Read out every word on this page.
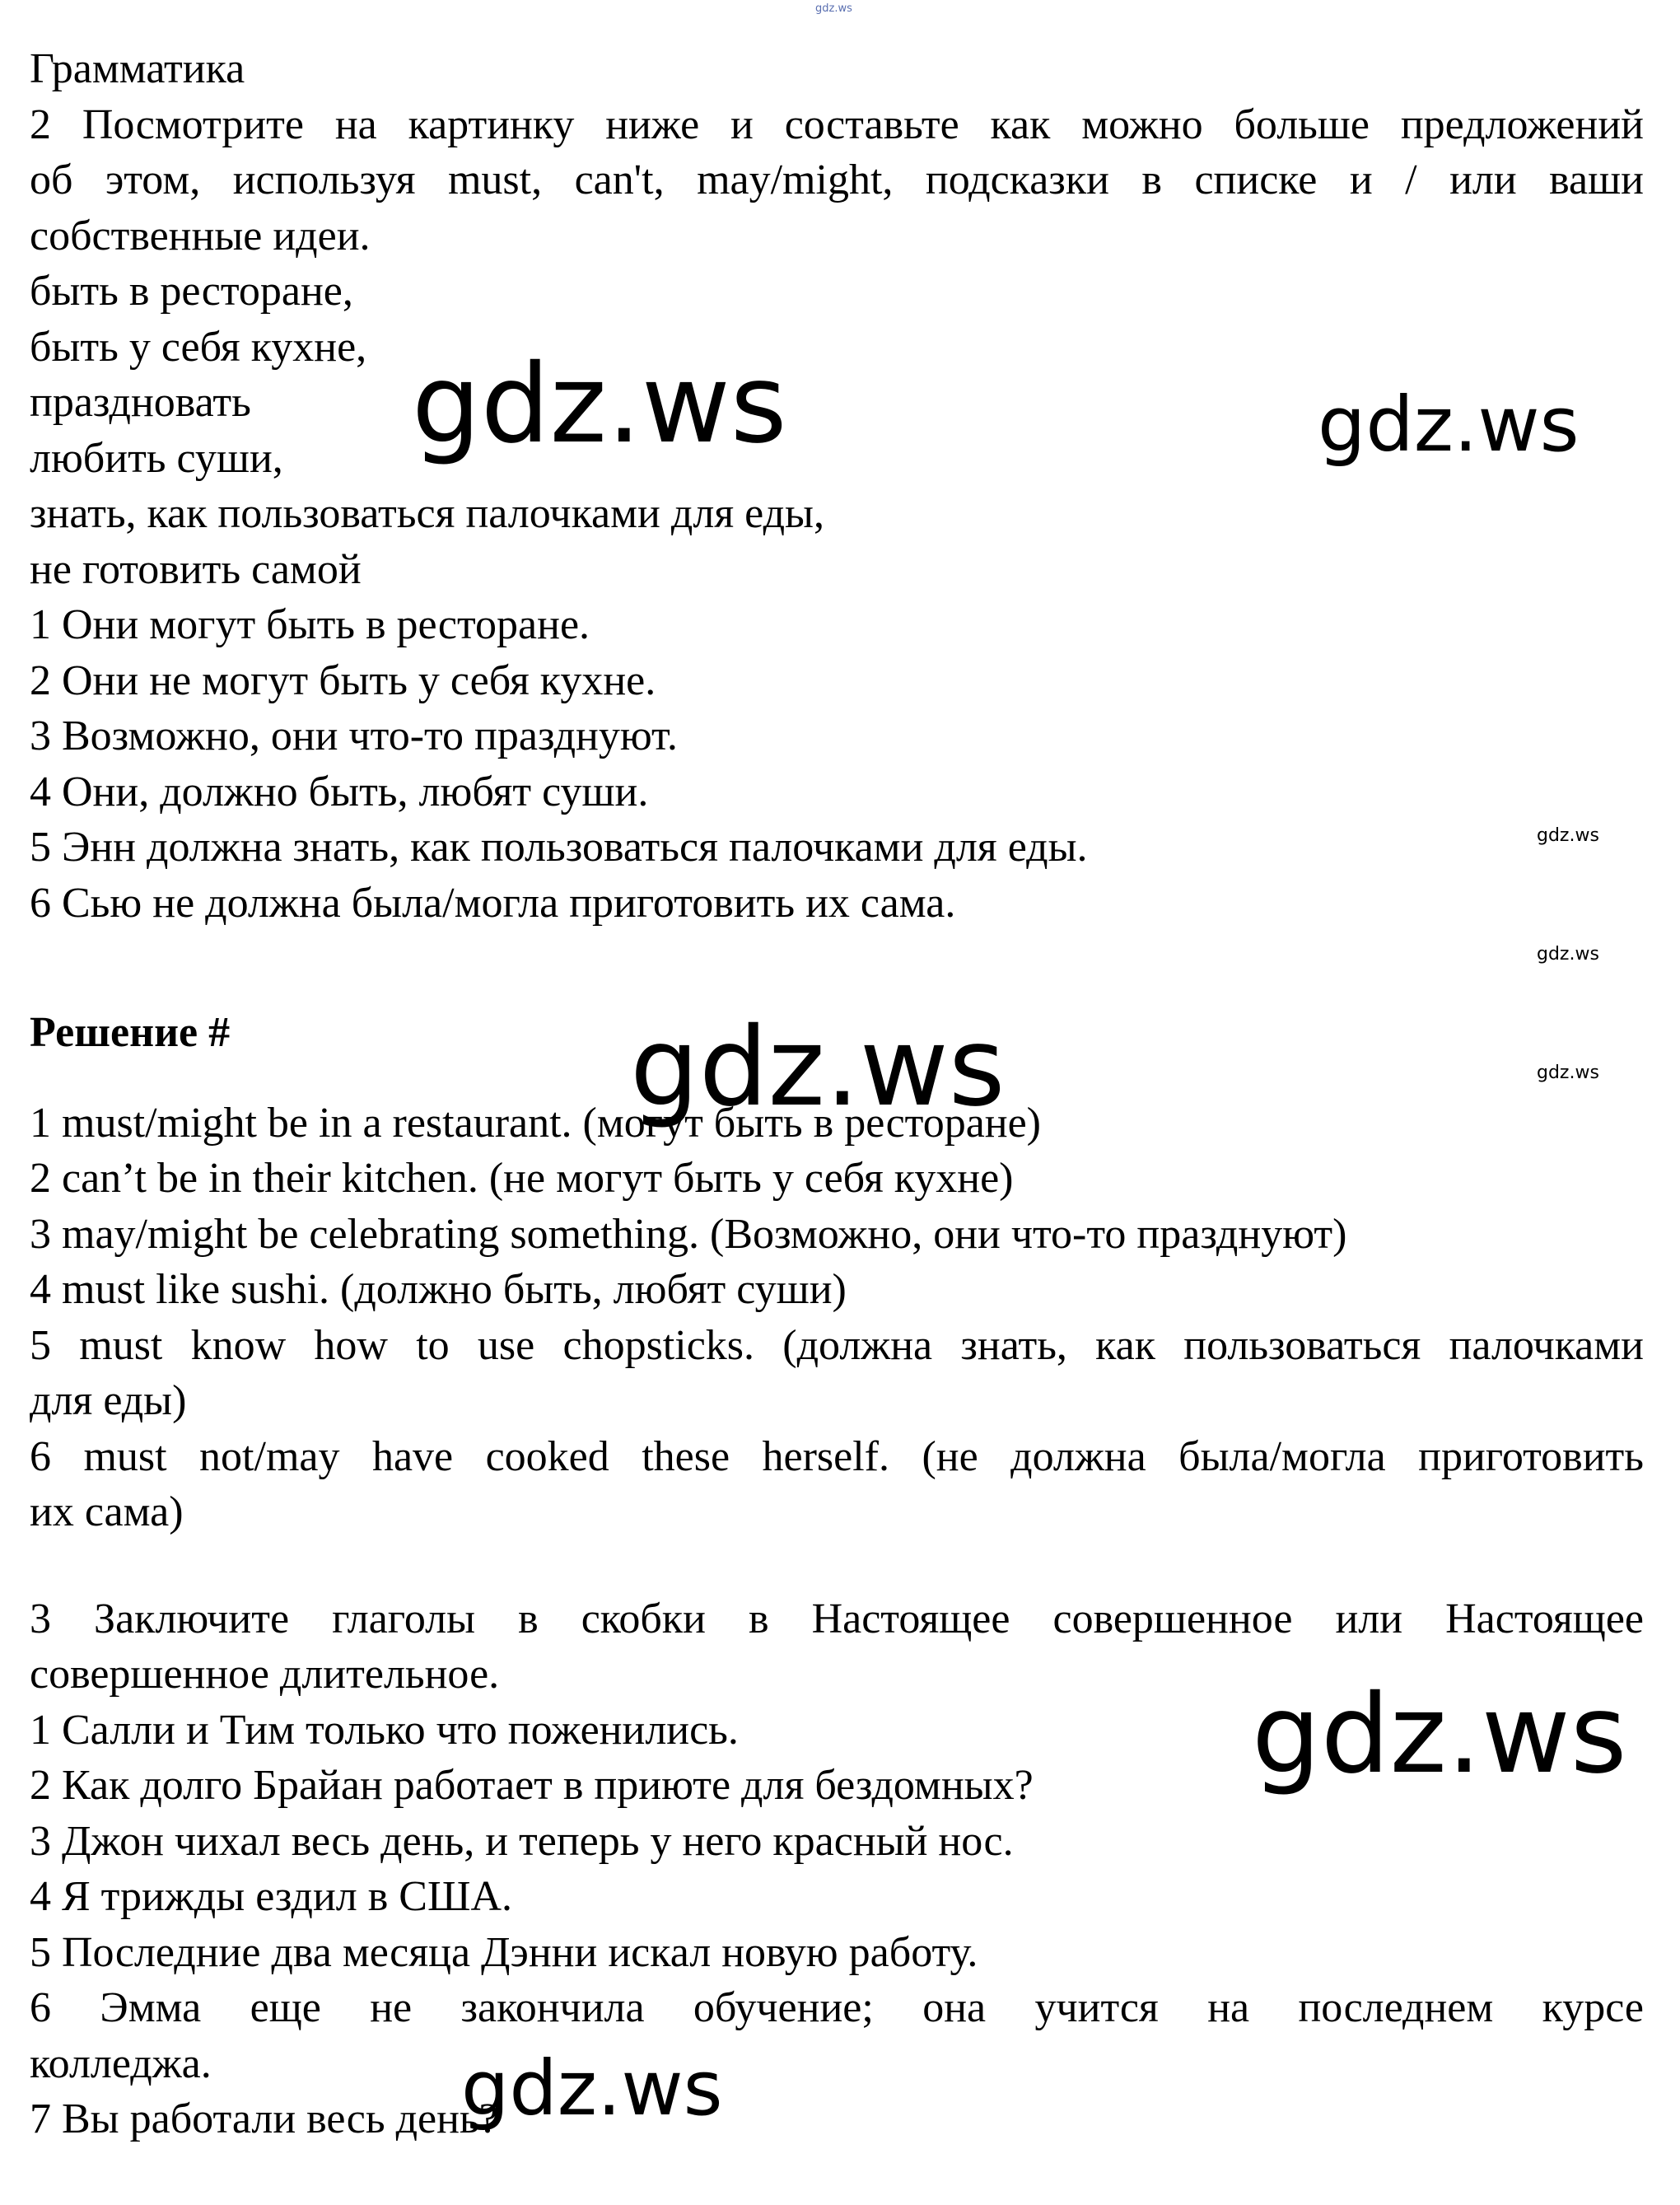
Грамматика
2 Посмотрите на картинку ниже и составьте как можно больше предложений
об этом, используя must, can't, may/might, подсказки в списке и / или ваши
собственные идеи.
быть в ресторане,
быть у себя кухне,
праздновать
любить суши,
знать, как пользоваться палочками для еды,
не готовить самой
1 Они могут быть в ресторане.
2 Они не могут быть у себя кухне.
3 Возможно, они что-то празднуют.
4 Они, должно быть, любят суши.
5 Энн должна знать, как пользоваться палочками для еды.
6 Сью не должна была/могла приготовить их сама.
Решение #
1 must/might be in a restaurant. (могут быть в ресторане)
2 can’t be in their kitchen. (не могут быть у себя кухне)
3 may/might be celebrating something. (Возможно, они что-то празднуют)
4 must like sushi. (должно быть, любят суши)
5 must know how to use chopsticks. (должна знать, как пользоваться палочками
для еды)
6 must not/may have cooked these herself. (не должна была/могла приготовить
их сама)
3 Заключите глаголы в скобки в Настоящее совершенное или Настоящее
совершенное длительное.
1 Салли и Тим только что поженились.
2 Как долго Брайан работает в приюте для бездомных?
3 Джон чихал весь день, и теперь у него красный нос.
4 Я трижды ездил в США.
5 Последние два месяца Дэнни искал новую работу.
6 Эмма еще не закончила обучение; она учится на последнем курсе
колледжа.
7 Вы работали весь день?
gdz.ws
gdz.ws	gdz.ws
gdz.ws
gdz.ws
gdz.ws	gdz.ws
gdz.ws
gdz.ws
